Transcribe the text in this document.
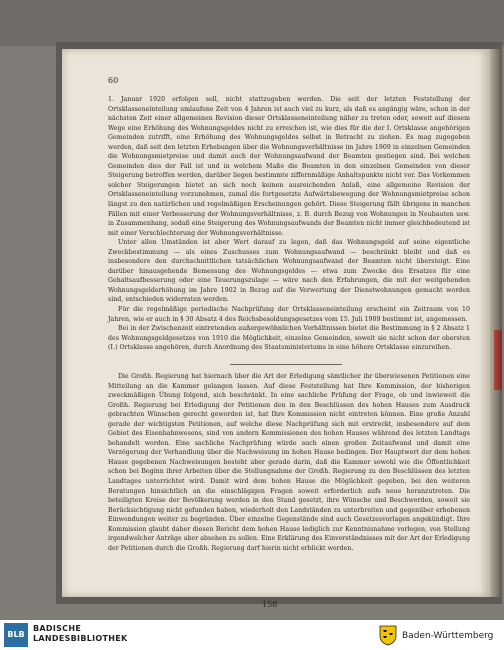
60

1. Januar 1920 erfolgen soll, nicht stattzugeben werden. Die seit der letzten Feststellung der Ortsklasseneinteilung umlaufene Zeit von 4 Jahren ist auch viel zu kurz, als daß es angängig wäre, schon in der nächsten Zeit einer allgemeinen Revision dieser Ortsklasseneinteilung näher zu treten oder, soweit auf diesem Wege eine Erhöhung des Wohnungsgeldes nicht zu erreichen ist, wie dies für die der I. Ortsklasse angehörigen Gemeinden zutrifft, eine Erhöhung des Wohnungsgeldes selbst in Betracht zu ziehen. Es mag zugegeben werden, daß seit den letzten Erhebungen über die Wohnungsverhältnisse im Jahre 1909 in einzelnen Gemeinden die Wohnungsmietpreise und damit auch der Wohnungsaufwand der Beamten gestiegen sind. Bei welchen Gemeinden dies der Fall ist und in welchem Maße die Beamten in den einzelnen Gemeinden von dieser Steigerung betroffen werden, darüber liegen bestimmte ziffernmäßige Anhaltspunkte nicht vor. Das Vorkommen solcher Steigerungen bietet an sich noch keinen ausreichenden Anlaß, eine allgemeine Revision der Ortsklasseneinteilung vorzunehmen, zumal die fortgesetzte Aufwärtsbewegung der Wohnungsmietpreise schon längst zu den natürlichen und regelmäßigen Erscheinungen gehört. Diese Steigerung fällt übrigens in manchen Fällen mit einer Verbesserung der Wohnungsverhältnisse, z. B. durch Bezug von Wohnungen in Neubauten usw. in Zusammenhang, sodaß eine Steigerung des Wohnungsaufwands der Beamten nicht immer gleichbedeutend ist mit einer Verschlechterung der Wohnungsverhältnisse.

Unter allen Umständen ist aber Wert darauf zu legen, daß das Wohnungsgeld auf seine eigentliche Zweckbestimmung — als eines Zuschusses zum Wohnungsaufwand — beschränkt bleibt und daß es insbesondere den durchschnittlichen tatsächlichen Wohnungsaufwand der Beamten nicht übersteigt. Eine darüber hinausgehende Bemessung des Wohnungsgeldes — etwa zum Zwecke des Ersatzes für eine Gehaltsaufbesserung oder eine Teuerungszulage — wäre nach den Erfahrungen, die mit der weitgehenden Wohnungsgelderhöhung im Jahre 1902 in Bezug auf die Verwertung der Dienstwohnungen gemacht worden sind, entschieden widerraten werden.

Für die regelmäßige periodische Nachprüfung der Ortsklasseneinteilung erscheint ein Zeitraum von 10 Jahren, wie er auch in § 30 Absatz 4 des Reichsbesoldungsgesetzes vom 15. Juli 1909 bestimmt ist, angemessen.

Bei in der Zwischenzeit eintretenden außergewöhnlichen Verhältnissen bietet die Bestimmung in § 2 Absatz 1 des Wohnungsgeldgesetzes von 1910 die Möglichkeit, einzelne Gemeinden, soweit sie nicht schon der obersten (I.) Ortsklasse angehören, durch Anordnung des Staatsministeriums in eine höhere Ortsklasse einzureihen.

Die Großh. Regierung hat hiernach über die Art der Erledigung sämtlicher ihr überwiesenen Petitionen eine Mitteilung an die Kammer gelangen lassen. Auf diese Feststellung hat Ihre Kommission, der bisherigen zweckmäßigen Übung folgend, sich beschränkt. In eine sachliche Prüfung der Frage, ob und inwieweit die Großh. Regierung bei Erledigung der Petitionen den in den Beschlüssen des hohen Hauses zum Ausdruck gebrachten Wünschen gerecht geworden ist, hat Ihre Kommission nicht eintreten können. Eine große Anzahl gerade der wichtigsten Petitionen, auf welche diese Nachprüfung sich mit erstreckt, insbesondere auf dem Gebiet des Eisenbahnwesens, sind von andern Kommissionen des hohen Hauses während des letzten Landtags behandelt worden. Eine sachliche Nachprüfung würde auch einen großen Zeitaufwand und damit eine Verzögerung der Verhandlung über die Nachweisung im hohen Hause bedingen. Der Hauptwert der dem hohen Hause gegebenen Nachweisungen besteht aber gerade darin, daß die Kammer sowohl wie die Öffentlichkeit schon bei Beginn ihrer Arbeiten über die Stellungnahme der Großh. Regierung zu den Beschlüssen des letzten Landtages unterrichtet wird. Damit wird dem hohen Hause die Möglichkeit gegeben, bei den weiteren Beratungen hinsichtlich an die einschlägigen Fragen soweit erforderlich aufs neue heranzutreten. Die beteiligten Kreise der Bevölkerung werden in den Stand gesetzt, ihre Wünsche und Beschwerden, soweit sie Berücksichtigung nicht gefunden haben, wiederholt den Landständen zu unterbreiten und gegenüber erhobenen Einwendungen weiter zu begründen. Über einzelne Gegenstände sind auch Gesetzesvorlagen angekündigt. Ihre Kommission glaubt daher diesen Bericht dem hohen Hause lediglich zur Kenntnisnahme vorlegen, von Stellung irgendwelcher Anträge aber absehen zu sollen. Eine Erklärung des Einverständnisses mit der Art der Erledigung der Petitionen durch die Großh. Regierung darf hierin nicht erblickt werden.

158
BLB
BADISCHE
LANDESBIBLIOTHEK	Baden-Württemberg
